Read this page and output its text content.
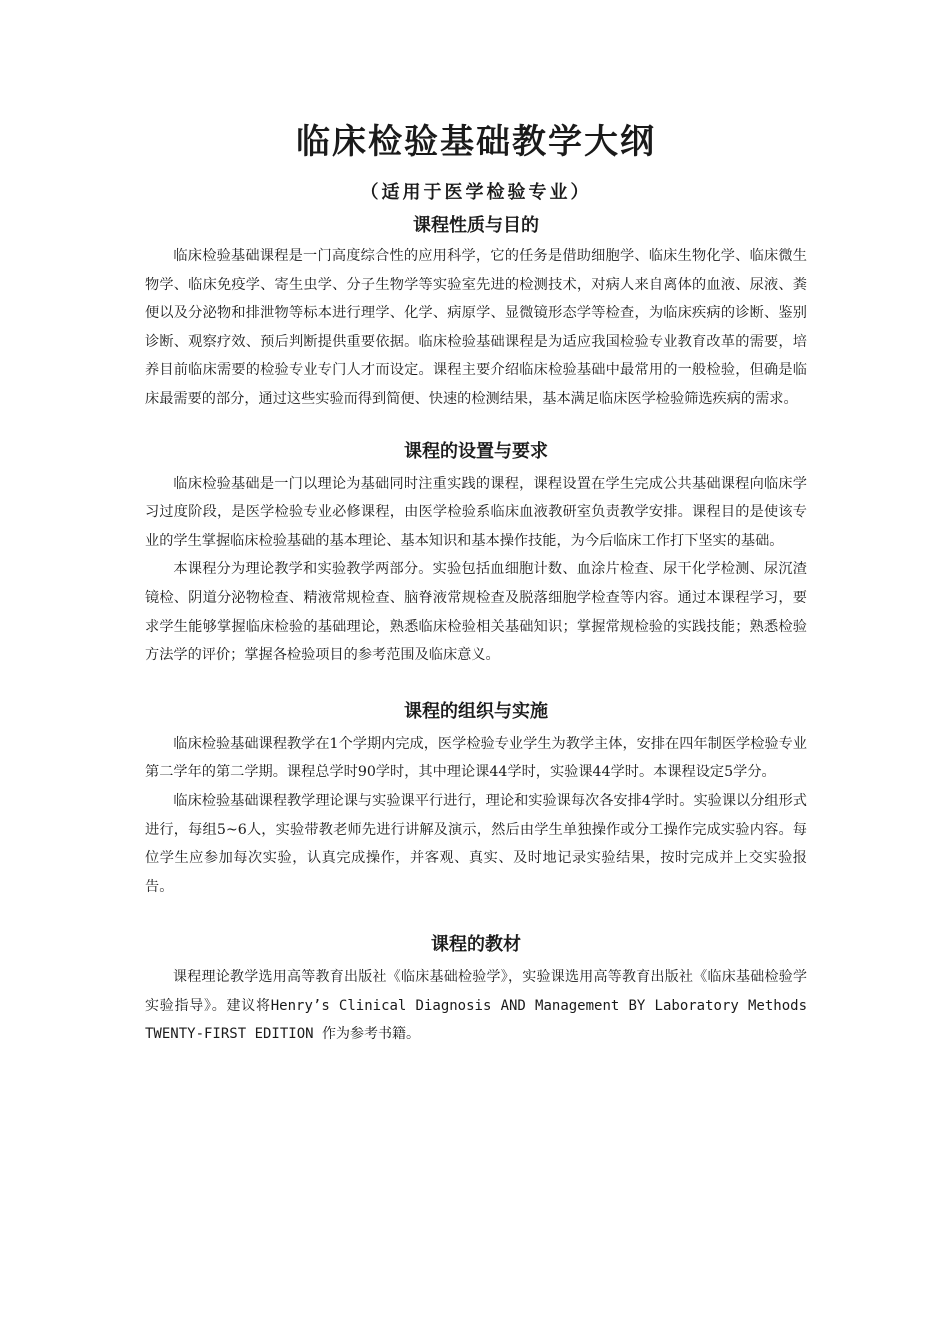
临床检验基础教学大纲
（适用于医学检验专业）
课程性质与目的

临床检验基础课程是一门高度综合性的应用科学，它的任务是借助细胞学、临床生物化学、临床微生物学、临床免疫学、寄生虫学、分子生物学等实验室先进的检测技术，对病人来自离体的血液、尿液、粪便以及分泌物和排泄物等标本进行理学、化学、病原学、显微镜形态学等检查，为临床疾病的诊断、鉴别诊断、观察疗效、预后判断提供重要依据。临床检验基础课程是为适应我国检验专业教育改革的需要，培养目前临床需要的检验专业专门人才而设定。课程主要介绍临床检验基础中最常用的一般检验，但确是临床最需要的部分，通过这些实验而得到简便、快速的检测结果，基本满足临床医学检验筛选疾病的需求。

课程的设置与要求

临床检验基础是一门以理论为基础同时注重实践的课程，课程设置在学生完成公共基础课程向临床学习过度阶段，是医学检验专业必修课程，由医学检验系临床血液教研室负责教学安排。课程目的是使该专业的学生掌握临床检验基础的基本理论、基本知识和基本操作技能，为今后临床工作打下坚实的基础。

本课程分为理论教学和实验教学两部分。实验包括血细胞计数、血涂片检查、尿干化学检测、尿沉渣镜检、阴道分泌物检查、精液常规检查、脑脊液常规检查及脱落细胞学检查等内容。通过本课程学习，要求学生能够掌握临床检验的基础理论，熟悉临床检验相关基础知识；掌握常规检验的实践技能；熟悉检验方法学的评价；掌握各检验项目的参考范围及临床意义。

课程的组织与实施

临床检验基础课程教学在1个学期内完成，医学检验专业学生为教学主体，安排在四年制医学检验专业第二学年的第二学期。课程总学时90学时，其中理论课44学时，实验课44学时。本课程设定5学分。

临床检验基础课程教学理论课与实验课平行进行，理论和实验课每次各安排4学时。实验课以分组形式进行，每组5~6人，实验带教老师先进行讲解及演示，然后由学生单独操作或分工操作完成实验内容。每位学生应参加每次实验，认真完成操作，并客观、真实、及时地记录实验结果，按时完成并上交实验报告。

课程的教材

课程理论教学选用高等教育出版社《临床基础检验学》，实验课选用高等教育出版社《临床基础检验学实验指导》。建议将Henry’s Clinical Diagnosis AND Management BY Laboratory Methods TWENTY-FIRST EDITION 作为参考书籍。
